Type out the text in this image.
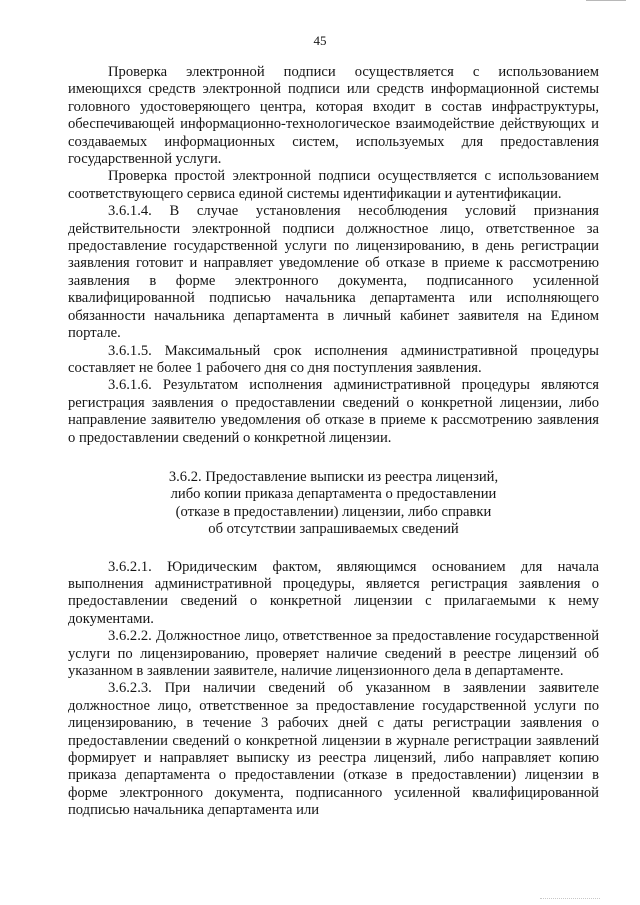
45

Проверка электронной подписи осуществляется с использованием имеющихся средств электронной подписи или средств информационной системы головного удостоверяющего центра, которая входит в состав инфраструктуры, обеспечивающей информационно-технологическое взаимодействие действующих и создаваемых информационных систем, используемых для предоставления государственной услуги.

Проверка простой электронной подписи осуществляется с использованием соответствующего сервиса единой системы идентификации и аутентификации.

3.6.1.4. В случае установления несоблюдения условий признания действительности электронной подписи должностное лицо, ответственное за предоставление государственной услуги по лицензированию, в день регистрации заявления готовит и направляет уведомление об отказе в приеме к рассмотрению заявления в форме электронного документа, подписанного усиленной квалифицированной подписью начальника департамента или исполняющего обязанности начальника департамента в личный кабинет заявителя на Едином портале.

3.6.1.5. Максимальный срок исполнения административной процедуры составляет не более 1 рабочего дня со дня поступления заявления.

3.6.1.6. Результатом исполнения административной процедуры являются регистрация заявления о предоставлении сведений о конкретной лицензии, либо направление заявителю уведомления об отказе в приеме к рассмотрению заявления о предоставлении сведений о конкретной лицензии.

3.6.2. Предоставление выписки из реестра лицензий,
либо копии приказа департамента о предоставлении
(отказе в предоставлении) лицензии, либо справки
об отсутствии запрашиваемых сведений

3.6.2.1. Юридическим фактом, являющимся основанием для начала выполнения административной процедуры, является регистрация заявления о предоставлении сведений о конкретной лицензии с прилагаемыми к нему документами.

3.6.2.2. Должностное лицо, ответственное за предоставление государственной услуги по лицензированию, проверяет наличие сведений в реестре лицензий об указанном в заявлении заявителе, наличие лицензионного дела в департаменте.

3.6.2.3. При наличии сведений об указанном в заявлении заявителе должностное лицо, ответственное за предоставление государственной услуги по лицензированию, в течение 3 рабочих дней с даты регистрации заявления о предоставлении сведений о конкретной лицензии в журнале регистрации заявлений формирует и направляет выписку из реестра лицензий, либо направляет копию приказа департамента о предоставлении (отказе в предоставлении) лицензии в форме электронного документа, подписанного усиленной квалифицированной подписью начальника департамента или
